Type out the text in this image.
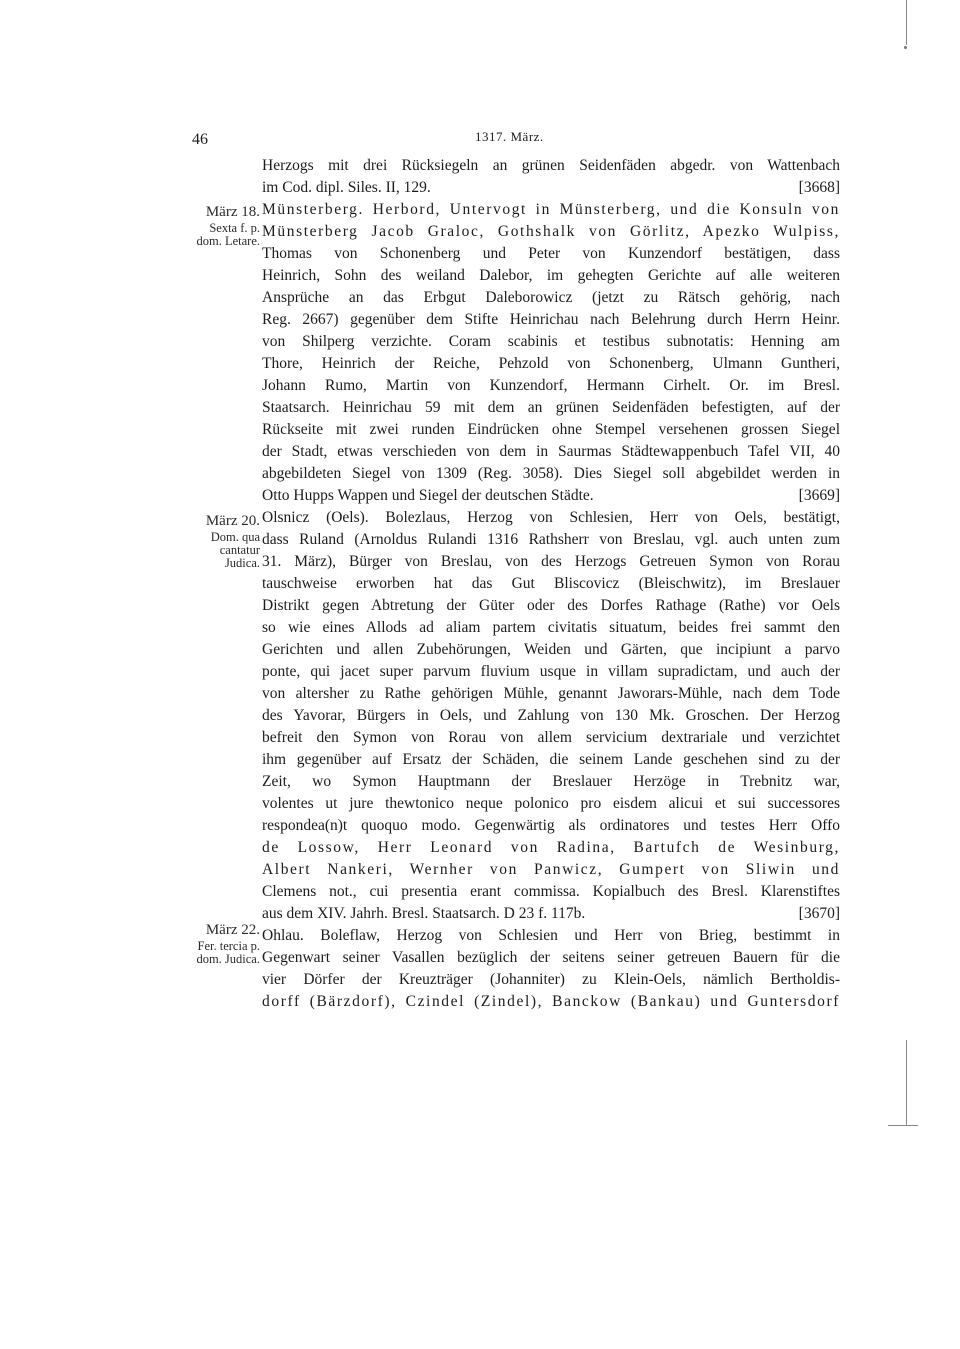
46	1317. März.
März 18.
Sexta f. p.
dom. Letare.
März 20.
Dom. qua
cantatur
Judica.
März 22.
Fer. tercia p.
dom. Judica.
Herzogs mit drei Rücksiegeln an grünen Seidenfäden abgedr. von Wattenbach
im Cod. dipl. Siles. II, 129.	[3668]
Münsterberg. Herbord, Untervogt in Münsterberg, und die Konsuln von
Münsterberg Jacob Graloc, Gothshalk von Görlitz, Apezko Wulpiss,
Thomas von Schonenberg und Peter von Kunzendorf bestätigen, dass
Heinrich, Sohn des weiland Dalebor, im gehegten Gerichte auf alle weiteren
Ansprüche an das Erbgut Daleborowicz (jetzt zu Rätsch gehörig, nach
Reg. 2667) gegenüber dem Stifte Heinrichau nach Belehrung durch Herrn Heinr.
von Shilperg verzichte. Coram scabinis et testibus subnotatis: Henning am
Thore, Heinrich der Reiche, Pehzold von Schonenberg, Ulmann Guntheri,
Johann Rumo, Martin von Kunzendorf, Hermann Cirhelt. Or. im Bresl.
Staatsarch. Heinrichau 59 mit dem an grünen Seidenfäden befestigten, auf der
Rückseite mit zwei runden Eindrücken ohne Stempel versehenen grossen Siegel
der Stadt, etwas verschieden von dem in Saurmas Städtewappenbuch Tafel VII, 40
abgebildeten Siegel von 1309 (Reg. 3058). Dies Siegel soll abgebildet werden in
Otto Hupps Wappen und Siegel der deutschen Städte.	[3669]
Olsnicz (Oels). Bolezlaus, Herzog von Schlesien, Herr von Oels, bestätigt,
dass Ruland (Arnoldus Rulandi 1316 Rathsherr von Breslau, vgl. auch unten zum
31. März), Bürger von Breslau, von des Herzogs Getreuen Symon von Rorau
tauschweise erworben hat das Gut Bliscovicz (Bleischwitz), im Breslauer
Distrikt gegen Abtretung der Güter oder des Dorfes Rathage (Rathe) vor Oels
so wie eines Allods ad aliam partem civitatis situatum, beides frei sammt den
Gerichten und allen Zubehörungen, Weiden und Gärten, que incipiunt a parvo
ponte, qui jacet super parvum fluvium usque in villam supradictam, und auch der
von altersher zu Rathe gehörigen Mühle, genannt Jaworars-Mühle, nach dem Tode
des Yavorar, Bürgers in Oels, und Zahlung von 130 Mk. Groschen. Der Herzog
befreit den Symon von Rorau von allem servicium dextrariale und verzichtet
ihm gegenüber auf Ersatz der Schäden, die seinem Lande geschehen sind zu der
Zeit, wo Symon Hauptmann der Breslauer Herzöge in Trebnitz war,
volentes ut jure thewtonico neque polonico pro eisdem alicui et sui successores
respondea(n)t quoquo modo. Gegenwärtig als ordinatores und testes Herr Offo
de Lossow, Herr Leonard von Radina, Bartufch de Wesinburg,
Albert Nankeri, Wernher von Panwicz, Gumpert von Sliwin und
Clemens not., cui presentia erant commissa. Kopialbuch des Bresl. Klarenstiftes
aus dem XIV. Jahrh. Bresl. Staatsarch. D 23 f. 117b.	[3670]
Ohlau. Boleflaw, Herzog von Schlesien und Herr von Brieg, bestimmt in
Gegenwart seiner Vasallen bezüglich der seitens seiner getreuen Bauern für die
vier Dörfer der Kreuzträger (Johanniter) zu Klein-Oels, nämlich Bertholdis-
dorff (Bärzdorf), Czindel (Zindel), Banckow (Bankau) und Guntersdorf
